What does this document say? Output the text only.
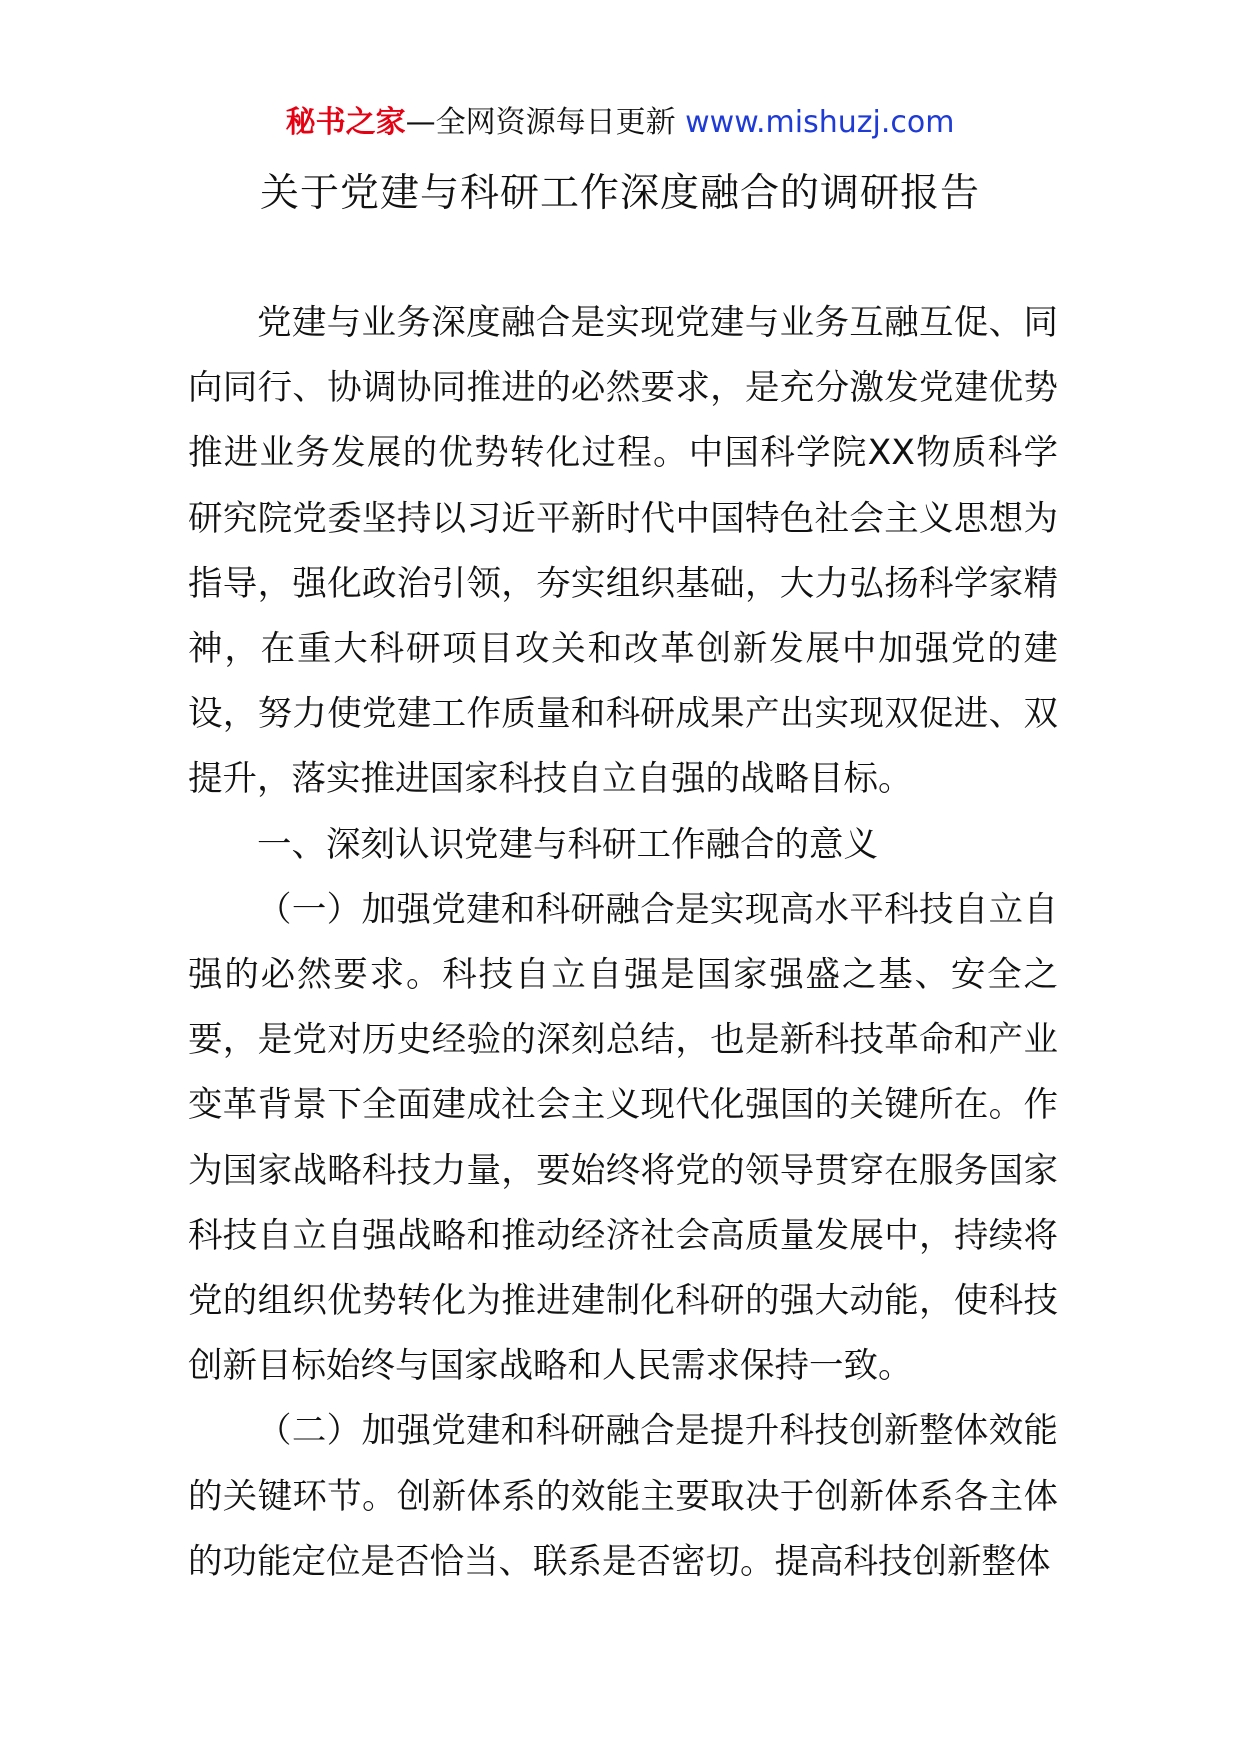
秘书之家—全网资源每日更新 www.mishuzj.com
关于党建与科研工作深度融合的调研报告

党建与业务深度融合是实现党建与业务互融互促、同向同行、协调协同推进的必然要求，是充分激发党建优势推进业务发展的优势转化过程。中国科学院XX物质科学研究院党委坚持以习近平新时代中国特色社会主义思想为指导，强化政治引领，夯实组织基础，大力弘扬科学家精神，在重大科研项目攻关和改革创新发展中加强党的建设，努力使党建工作质量和科研成果产出实现双促进、双提升，落实推进国家科技自立自强的战略目标。

一、深刻认识党建与科研工作融合的意义

（一）加强党建和科研融合是实现高水平科技自立自强的必然要求。科技自立自强是国家强盛之基、安全之要，是党对历史经验的深刻总结，也是新科技革命和产业变革背景下全面建成社会主义现代化强国的关键所在。作为国家战略科技力量，要始终将党的领导贯穿在服务国家科技自立自强战略和推动经济社会高质量发展中，持续将党的组织优势转化为推进建制化科研的强大动能，使科技创新目标始终与国家战略和人民需求保持一致。

（二）加强党建和科研融合是提升科技创新整体效能的关键环节。创新体系的效能主要取决于创新体系各主体的功能定位是否恰当、联系是否密切。提高科技创新整体
